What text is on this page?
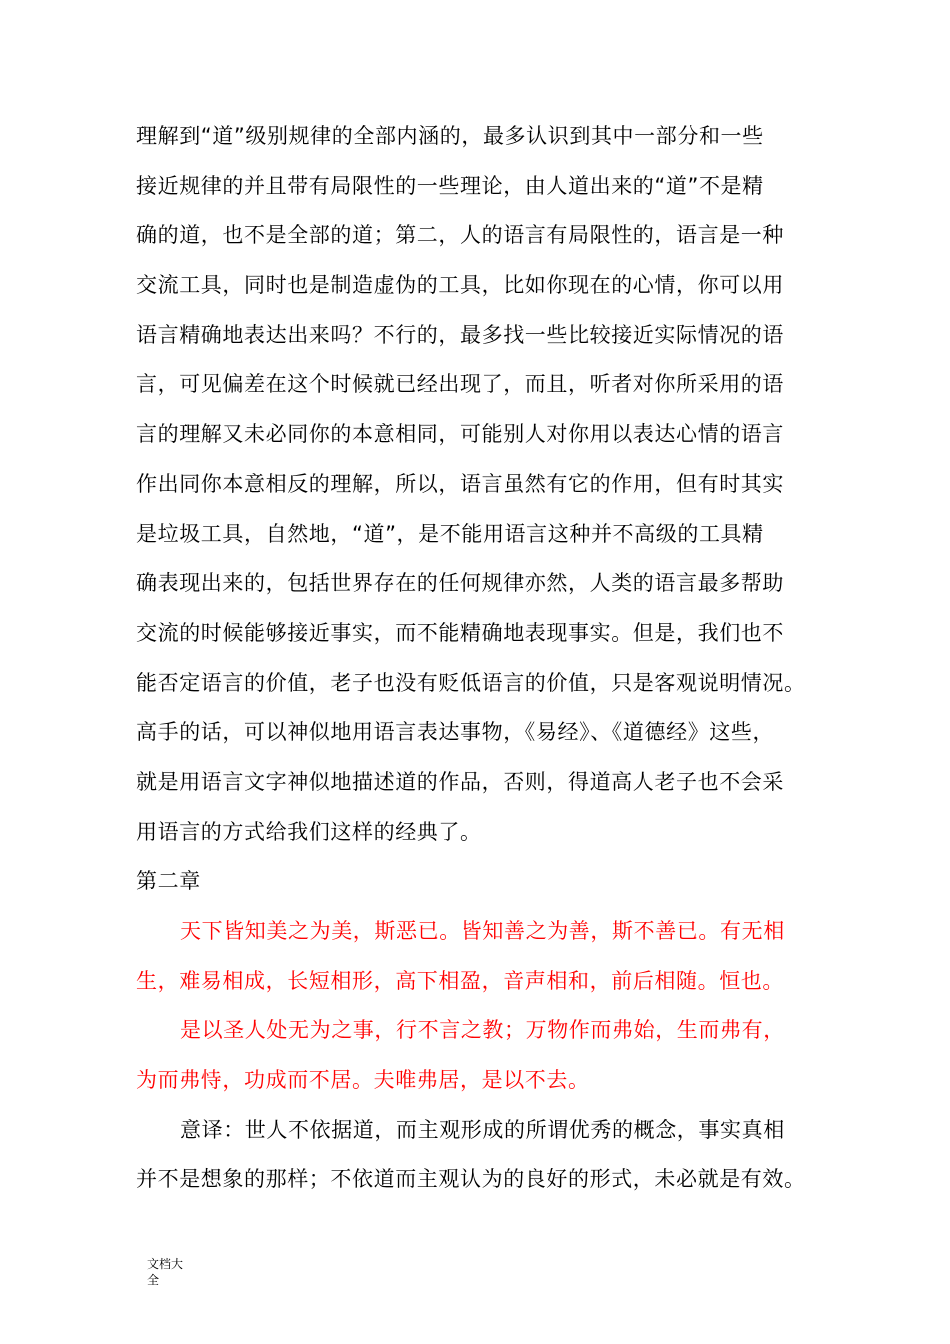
理解到“道”级别规律的全部内涵的，最多认识到其中一部分和一些
接近规律的并且带有局限性的一些理论，由人道出来的“道”不是精
确的道，也不是全部的道；第二，人的语言有局限性的，语言是一种
交流工具，同时也是制造虚伪的工具，比如你现在的心情，你可以用
语言精确地表达出来吗？不行的，最多找一些比较接近实际情况的语
言，可见偏差在这个时候就已经出现了，而且，听者对你所采用的语
言的理解又未必同你的本意相同，可能别人对你用以表达心情的语言
作出同你本意相反的理解，所以，语言虽然有它的作用，但有时其实
是垃圾工具，自然地，“道”，是不能用语言这种并不高级的工具精
确表现出来的，包括世界存在的任何规律亦然，人类的语言最多帮助
交流的时候能够接近事实，而不能精确地表现事实。但是，我们也不
能否定语言的价值，老子也没有贬低语言的价值，只是客观说明情况。
高手的话，可以神似地用语言表达事物，《易经》、《道德经》这些，
就是用语言文字神似地描述道的作品，否则，得道高人老子也不会采
用语言的方式给我们这样的经典了。
第二章
天下皆知美之为美，斯恶已。皆知善之为善，斯不善已。有无相
生，难易相成，长短相形，高下相盈，音声相和，前后相随。恒也。
是以圣人处无为之事，行不言之教；万物作而弗始，生而弗有，
为而弗恃，功成而不居。夫唯弗居，是以不去。
意译：世人不依据道，而主观形成的所谓优秀的概念，事实真相
并不是想象的那样；不依道而主观认为的良好的形式，未必就是有效。
文档大
全
